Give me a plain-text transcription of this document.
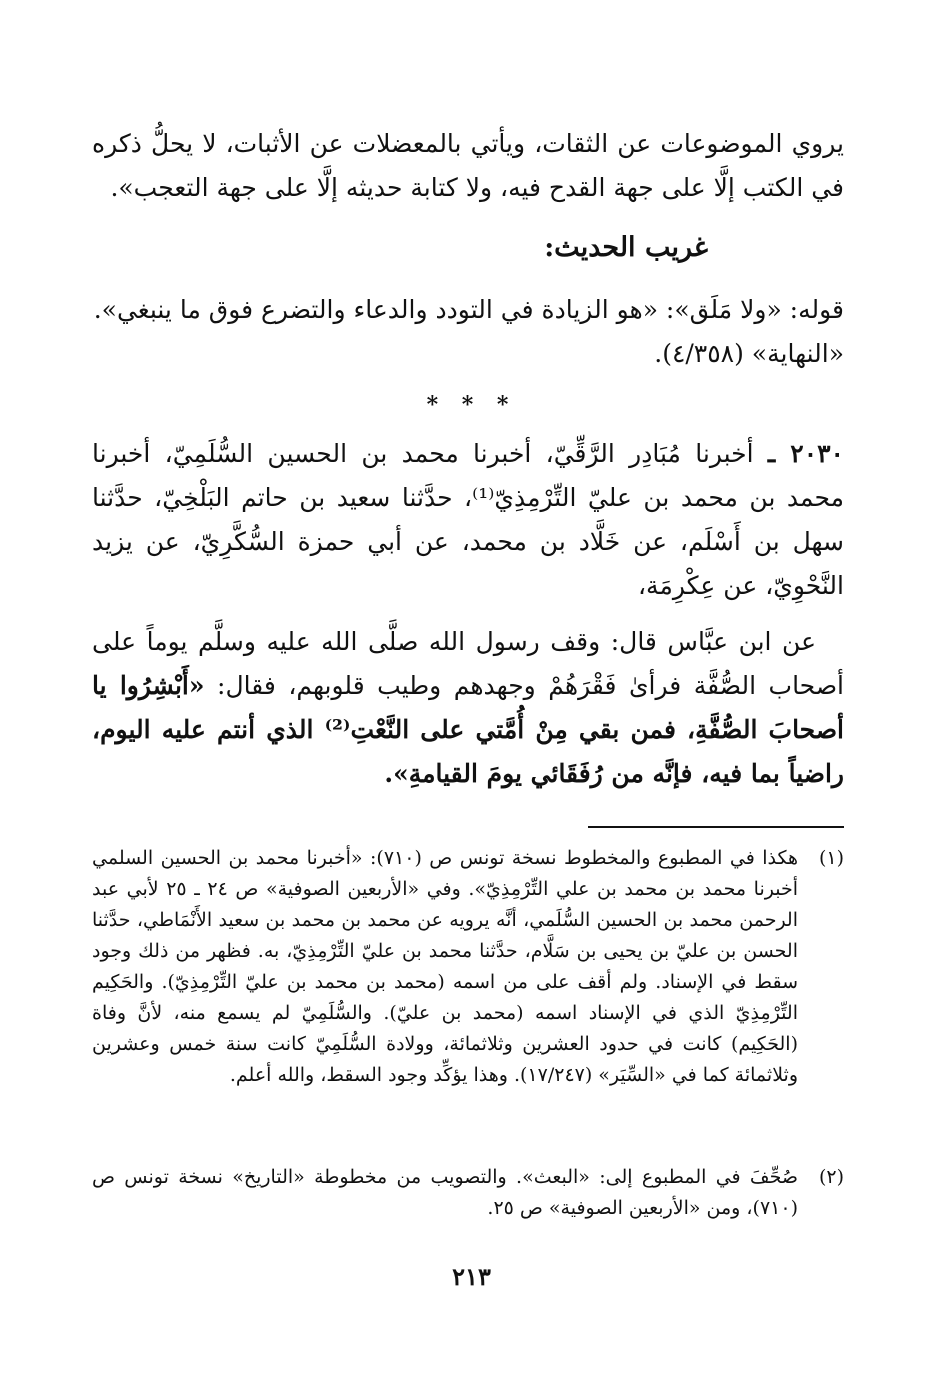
يروي الموضوعات عن الثقات، ويأتي بالمعضلات عن الأثبات، لا يحلُّ ذكره في الكتب إلَّا على جهة القدح فيه، ولا كتابة حديثه إلَّا على جهة التعجب».

غريب الحديث:

قوله: «ولا مَلَق»: «هو الزيادة في التودد والدعاء والتضرع فوق ما ينبغي».

«النهاية» (٤/٣٥٨).

* * *

٢٠٣٠ ـ أخبرنا مُبَادِر الرَّقِّيّ، أخبرنا محمد بن الحسين السُّلَمِيّ، أخبرنا محمد بن محمد بن عليّ التِّرْمِذِيّ⁽¹⁾، حدَّثنا سعيد بن حاتم البَلْخِيّ، حدَّثنا سهل بن أَسْلَم، عن خَلَّاد بن محمد، عن أبي حمزة السُّكَّرِيّ، عن يزيد النَّحْوِيّ، عن عِكْرِمَة،

عن ابن عبَّاس قال: وقف رسول الله صلَّى الله عليه وسلَّم يوماً على أصحاب الصُّفَّة فرأىٰ فَقْرَهُمْ وجهدهم وطيب قلوبهم، فقال: «أَبْشِرُوا يا أصحابَ الصُّفَّةِ، فمن بقي مِنْ أُمَّتي على النَّعْتِ⁽²⁾ الذي أنتم عليه اليوم، راضياً بما فيه، فإنَّه من رُفَقَائي يومَ القيامةِ».

(١)
هكذا في المطبوع والمخطوط نسخة تونس ص (٧١٠): «أخبرنا محمد بن الحسين السلمي أخبرنا محمد بن محمد بن علي التِّرْمِذِيّ». وفي «الأربعين الصوفية» ص ٢٤ ـ ٢٥ لأبي عبد الرحمن محمد بن الحسين السُّلَمي، أنَّه يرويه عن محمد بن محمد بن سعيد الأَنْمَاطي، حدَّثنا الحسن بن عليّ بن يحيى بن سَلَّام، حدَّثنا محمد بن عليّ التِّرْمِذِيّ، به. فظهر من ذلك وجود سقط في الإسناد. ولم أقف على من اسمه (محمد بن محمد بن عليّ التِّرْمِذِيّ). والحَكِيم التِّرْمِذِيّ الذي في الإسناد اسمه (محمد بن عليّ). والسُّلَمِيّ لم يسمع منه، لأنَّ وفاة (الحَكِيم) كانت في حدود العشرين وثلاثمائة، وولادة السُّلَمِيّ كانت سنة خمس وعشرين وثلاثمائة كما في «السِّيَر» (١٧/٢٤٧). وهذا يؤكِّد وجود السقط، والله أعلم.
(٢)
صُحِّفَ في المطبوع إلى: «البعث». والتصويب من مخطوطة «التاريخ» نسخة تونس ص (٧١٠)، ومن «الأربعين الصوفية» ص ٢٥.
٢١٣
